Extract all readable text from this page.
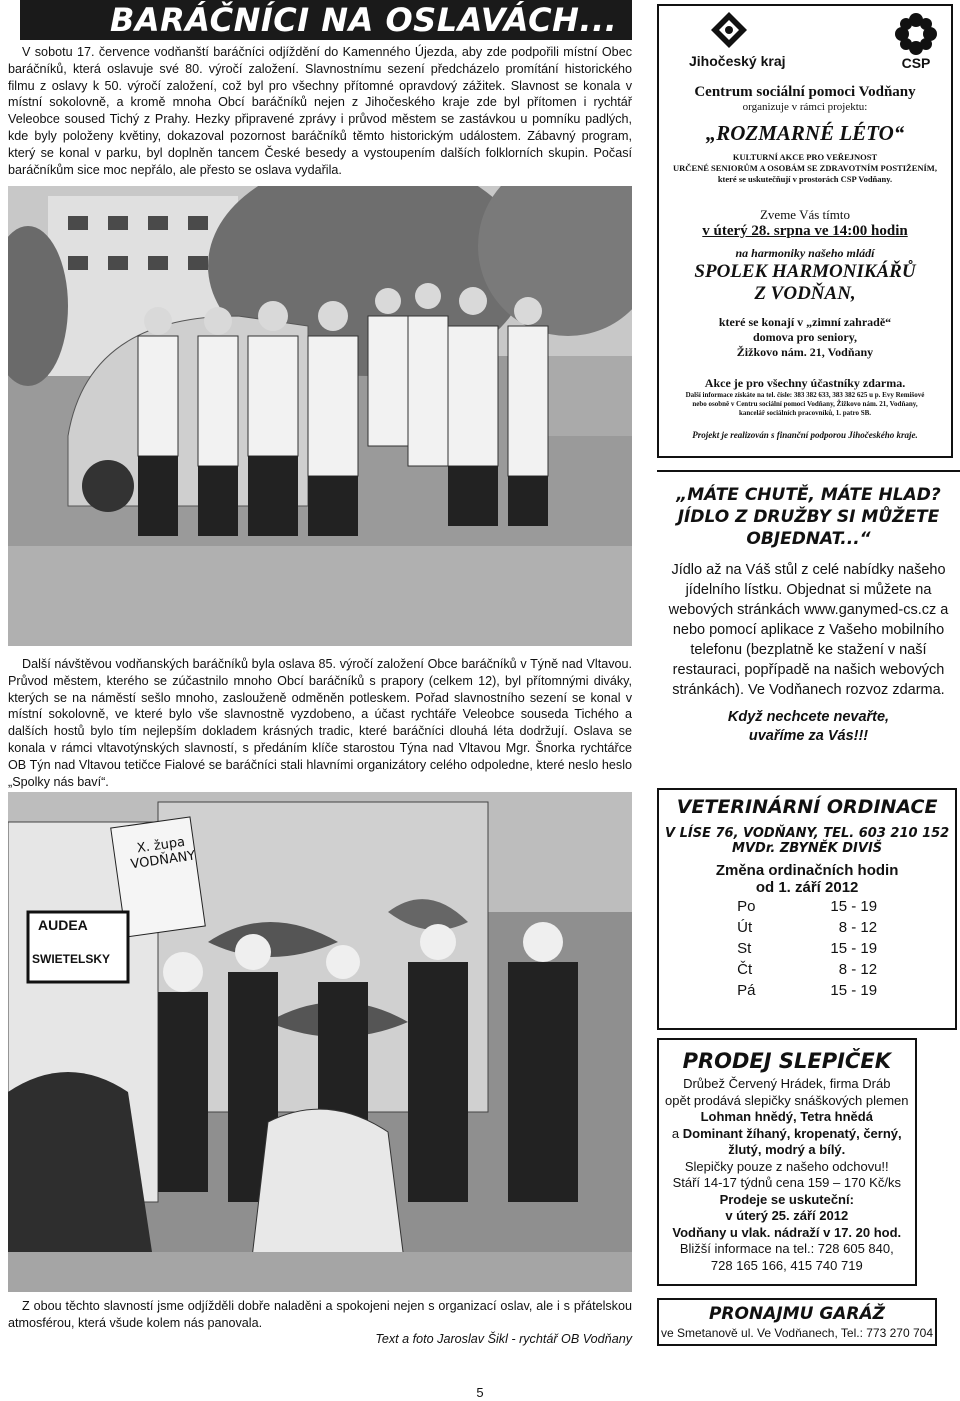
BARÁČNÍCI NA OSLAVÁCH...

V sobotu 17. července vodňanští baráčníci odjíždění do Kamenného Újezda, aby zde podpořili místní Obec baráčníků, která oslavuje své 80. výročí založení. Slavnostnímu sezení předcházelo promítání historického filmu z oslavy k 50. výročí založení, což byl pro všechny přítomné opravdový zážitek. Slavnost se konala v místní sokolovně, a kromě mnoha Obcí baráčníků nejen z Jihočeského kraje zde byl přítomen i rychtář Veleobce soused Tichý z Prahy. Hezky připravené zprávy i průvod městem se zastávkou u pomníku padlých, kde byly položeny květiny, dokazoval pozornost baráčníků těmto historickým událostem. Zábavný program, který se konal v parku, byl doplněn tancem České besedy a vystoupením dalších folklorních skupin. Počasí baráčníkům sice moc nepřálo, ale přesto se oslava vydařila.

Další návštěvou vodňanských baráčníků byla oslava 85. výročí založení Obce baráčníků v Týně nad Vltavou. Průvod městem, kterého se zúčastnilo mnoho Obcí baráčníků s prapory (celkem 12), byl přítomnými diváky, kterých se na náměstí sešlo mnoho, zaslouženě odměněn potleskem. Pořad slavnostního sezení se konal v místní sokolovně, ve které bylo vše slavnostně vyzdobeno, a účast rychtáře Veleobce souseda Tichého a dalších hostů bylo tím nejlepším dokladem krásných tradic, které baráčníci dlouhá léta dodržují. Oslava se konala v rámci vltavotýnských slavností, s předáním klíče starostou Týna nad Vltavou Mgr. Šnorka rychtářce OB Týn nad Vltavou tetičce Fialové se baráčníci stali hlavními organizátory celého odpoledne, které neslo heslo „Spolky nás baví“.

X. župa VODŇANY
AUDEA
SWIETELSKY

Z obou těchto slavností jsme odjížděli dobře naladěni a spokojeni nejen s organizací oslav, ale i s přátelskou atmosférou, která všude kolem nás panovala.

Text a foto Jaroslav Šikl - rychtář OB Vodňany
Jihočeský kraj	CSP
Centrum sociální pomoci Vodňany
organizuje v rámci projektu:
„ROZMARNÉ LÉTO“
KULTURNÍ AKCE PRO VEŘEJNOST
URČENÉ SENIORŮM A OSOBÁM SE ZDRAVOTNÍM POSTIŽENÍM,
které se uskutečňují v prostorách CSP Vodňany.
Zveme Vás tímto
v úterý 28. srpna ve 14:00 hodin
na harmoniky našeho mládí
SPOLEK HARMONIKÁŘŮ
Z VODŇAN,
které se konají v „zimní zahradě“
domova pro seniory,
Žižkovo nám. 21, Vodňany
Akce je pro všechny účastníky zdarma.
Další informace získáte na tel. čísle: 383 382 633, 383 382 625 u p. Evy Remišové
nebo osobně v Centru sociální pomoci Vodňany, Žižkovo nám. 21, Vodňany,
kancelář sociálních pracovníků, 1. patro SB.
Projekt je realizován s finanční podporou Jihočeského kraje.
„MÁTE CHUTĚ, MÁTE HLAD? JÍDLO Z DRUŽBY SI MŮŽETE OBJEDNAT...“
Jídlo až na Váš stůl z celé nabídky našeho jídelního lístku. Objednat si můžete na webových stránkách www.ganymed-cs.cz a nebo pomocí aplikace z Vašeho mobilního telefonu (bezplatně ke stažení v naší restauraci, popřípadě na našich webových stránkách). Ve Vodňanech rozvoz zdarma.
Když nechcete nevařte,
uvaříme za Vás!!!
VETERINÁRNÍ ORDINACE
V LÍSE 76, VODŇANY, TEL. 603 210 152
MVDr. ZBYNĚK DIVIŠ
Změna ordinačních hodin
od 1. září 2012
Po	15 - 19
Út	8 - 12
St	15 - 19
Čt	8 - 12
Pá	15 - 19
PRODEJ SLEPIČEK
Drůbež Červený Hrádek, firma Dráb
opět prodává slepičky snáškových plemen
Lohman hnědý, Tetra hnědá
a Dominant žíhaný, kropenatý, černý,
žlutý, modrý a bílý.
Slepičky pouze z našeho odchovu!!
Stáří 14-17 týdnů cena 159 – 170 Kč/ks
Prodeje se uskuteční:
v úterý 25. září 2012
Vodňany u vlak. nádraží v 17. 20 hod.
Bližší informace na tel.: 728 605 840,
728 165 166, 415 740 719
PRONAJMU GARÁŽ
ve Smetanově ul. Ve Vodňanech, Tel.: 773 270 704
5
